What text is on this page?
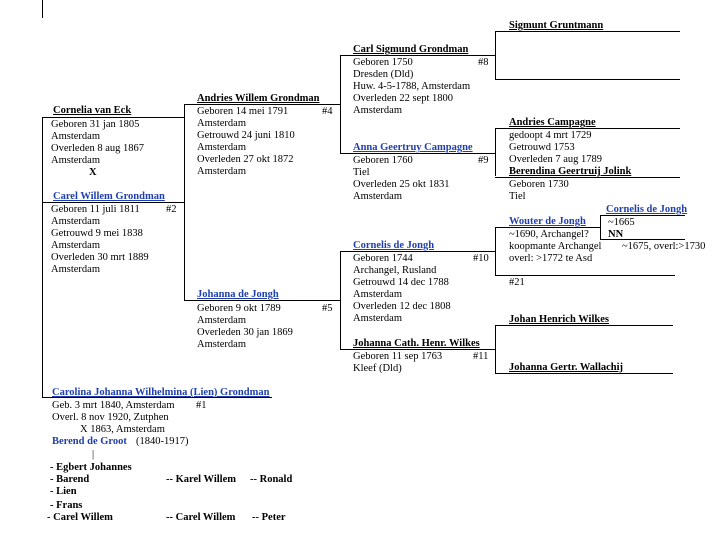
Cornelia van Eck
Geboren 31 jan 1805
Amsterdam
Overleden 8 aug 1867
Amsterdam
X
Carel Willem Grondman
Geboren 11 juli 1811	#2
Amsterdam
Getrouwd 9 mei 1838
Amsterdam
Overleden 30 mrt 1889
Amsterdam
Carolina Johanna Wilhelmina (Lien) Grondman
Geb. 3 mrt 1840, Amsterdam #1
Overl. 8 nov 1920, Zutphen
X 1863, Amsterdam
Berend de Groot (1840-1917)
|
- Egbert Johannes
- Barend	-- Karel Willem -- Ronald
- Lien
- Frans
- Carel Willem	-- Carel Willem -- Peter
Andries Willem Grondman
Geboren 14 mei 1791	#4
Amsterdam
Getrouwd 24 juni 1810
Amsterdam
Overleden 27 okt 1872
Amsterdam
Johanna de Jongh
Geboren 9 okt 1789	#5
Amsterdam
Overleden 30 jan 1869
Amsterdam
Carl Sigmund Grondman
Geboren 1750	#8
Dresden (Dld)
Huw. 4-5-1788, Amsterdam
Overleden 22 sept 1800
Amsterdam
Anna Geertruy Campagne
Geboren 1760	#9
Tiel
Overleden 25 okt 1831
Amsterdam
Cornelis de Jongh
Geboren 1744	#10
Archangel, Rusland
Getrouwd 14 dec 1788
Amsterdam
Overleden 12 dec 1808
Amsterdam
Johanna Cath. Henr. Wilkes
Geboren 11 sep 1763	#11
Kleef (Dld)
Sigmunt Gruntmann
Andries Campagne
gedoopt 4 mrt 1729
Getrouwd 1753
Overleden 7 aug 1789
Berendina Geertruij Jolink
Geboren 1730
Tiel
Wouter de Jongh
~1690, Archangel?
koopmante Archangel
overl: >1772 te Asd
#21
Cornelis de Jongh
~1665
NN
~1675, overl:>1730
Johan Henrich Wilkes
Johanna Gertr. Wallachij
